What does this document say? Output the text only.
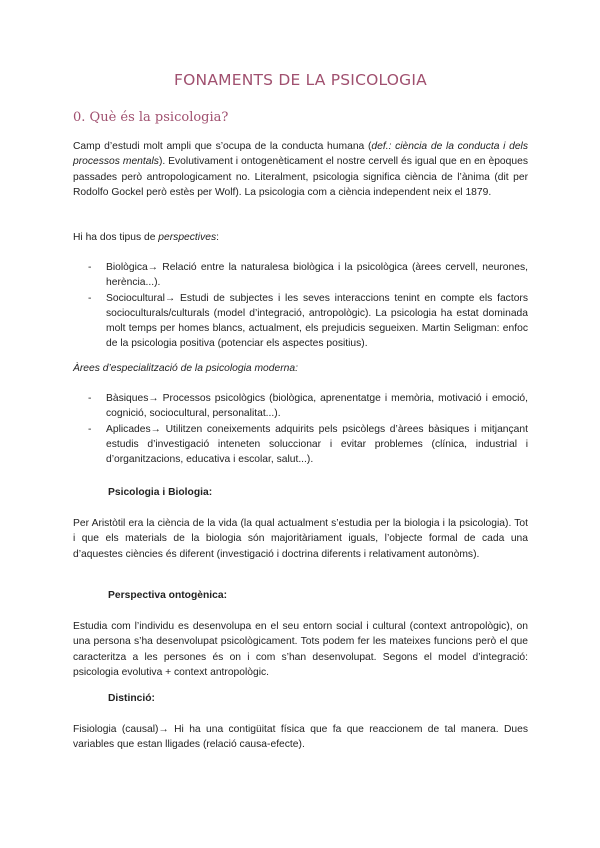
FONAMENTS DE LA PSICOLOGIA
0. Què és la psicologia?

Camp d’estudi molt ampli que s’ocupa de la conducta humana (def.: ciència de la conducta i dels processos mentals). Evolutivament i ontogenèticament el nostre cervell és igual que en en èpoques passades però antropologicament no. Literalment, psicologia significa ciència de l’ànima (dit per Rodolfo Gockel però estès per Wolf). La psicologia com a ciència independent neix el 1879.

Hi ha dos tipus de perspectives:

- Biològica→ Relació entre la naturalesa biològica i la psicològica (àrees cervell, neurones, herència...).
- Sociocultural→ Estudi de subjectes i les seves interaccions tenint en compte els factors socioculturals/culturals (model d’integració, antropològic). La psicologia ha estat dominada molt temps per homes blancs, actualment, els prejudicis segueixen. Martin Seligman: enfoc de la psicologia positiva (potenciar els aspectes positius).

Àrees d’especialització de la psicologia moderna:

- Bàsiques→ Processos psicològics (biològica, aprenentatge i memòria, motivació i emoció, cognició, sociocultural, personalitat...).
- Aplicades→ Utilitzen coneixements adquirits pels psicòlegs d’àrees bàsiques i mitjançant estudis d’investigació inteneten soluccionar i evitar problemes (clínica, industrial i d’organitzacions, educativa i escolar, salut...).

Psicologia i Biologia:

Per Aristòtil era la ciència de la vida (la qual actualment s’estudia per la biologia i la psicologia). Tot i que els materials de la biologia són majoritàriament iguals, l’objecte formal de cada una d’aquestes ciències és diferent (investigació i doctrina diferents i relativament autonòms).

Perspectiva ontogènica:

Estudia com l’individu es desenvolupa en el seu entorn social i cultural (context antropològic), on una persona s’ha desenvolupat psicològicament. Tots podem fer les mateixes funcions però el que caracteritza a les persones és on i com s’han desenvolupat. Segons el model d’integració: psicologia evolutiva + context antropològic.

Distinció:

Fisiologia (causal)→ Hi ha una contigüitat física que fa que reaccionem de tal manera. Dues variables que estan lligades (relació causa-efecte).
